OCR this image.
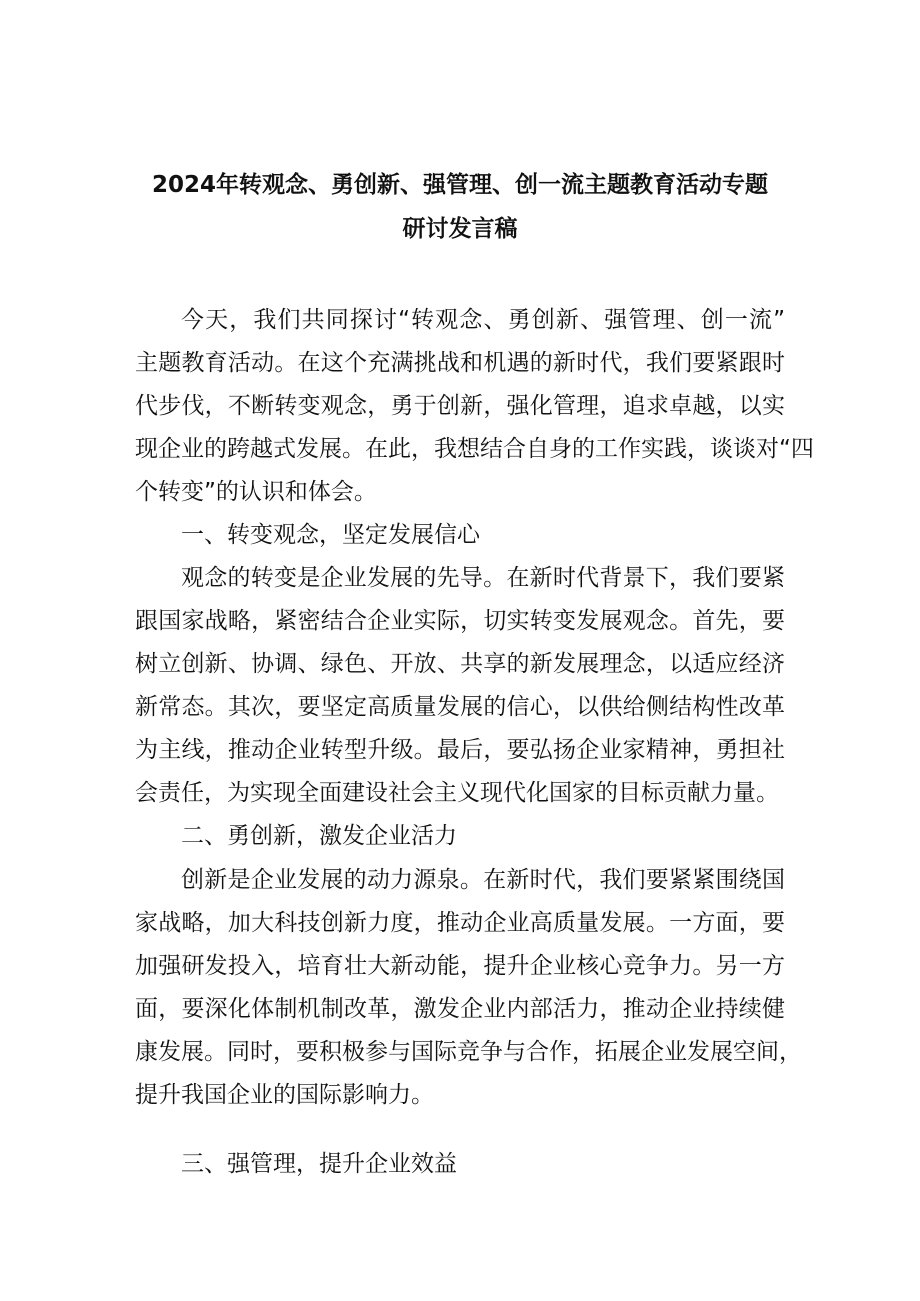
2024年转观念、勇创新、强管理、创一流主题教育活动专题
研讨发言稿
今天，我们共同探讨“转观念、勇创新、强管理、创一流”
主题教育活动。在这个充满挑战和机遇的新时代，我们要紧跟时
代步伐，不断转变观念，勇于创新，强化管理，追求卓越，以实
现企业的跨越式发展。在此，我想结合自身的工作实践，谈谈对“四
个转变”的认识和体会。
一、转变观念，坚定发展信心
观念的转变是企业发展的先导。在新时代背景下，我们要紧
跟国家战略，紧密结合企业实际，切实转变发展观念。首先，要
树立创新、协调、绿色、开放、共享的新发展理念，以适应经济
新常态。其次，要坚定高质量发展的信心，以供给侧结构性改革
为主线，推动企业转型升级。最后，要弘扬企业家精神，勇担社
会责任，为实现全面建设社会主义现代化国家的目标贡献力量。
二、勇创新，激发企业活力
创新是企业发展的动力源泉。在新时代，我们要紧紧围绕国
家战略，加大科技创新力度，推动企业高质量发展。一方面，要
加强研发投入，培育壮大新动能，提升企业核心竞争力。另一方
面，要深化体制机制改革，激发企业内部活力，推动企业持续健
康发展。同时，要积极参与国际竞争与合作，拓展企业发展空间，
提升我国企业的国际影响力。
三、强管理，提升企业效益
